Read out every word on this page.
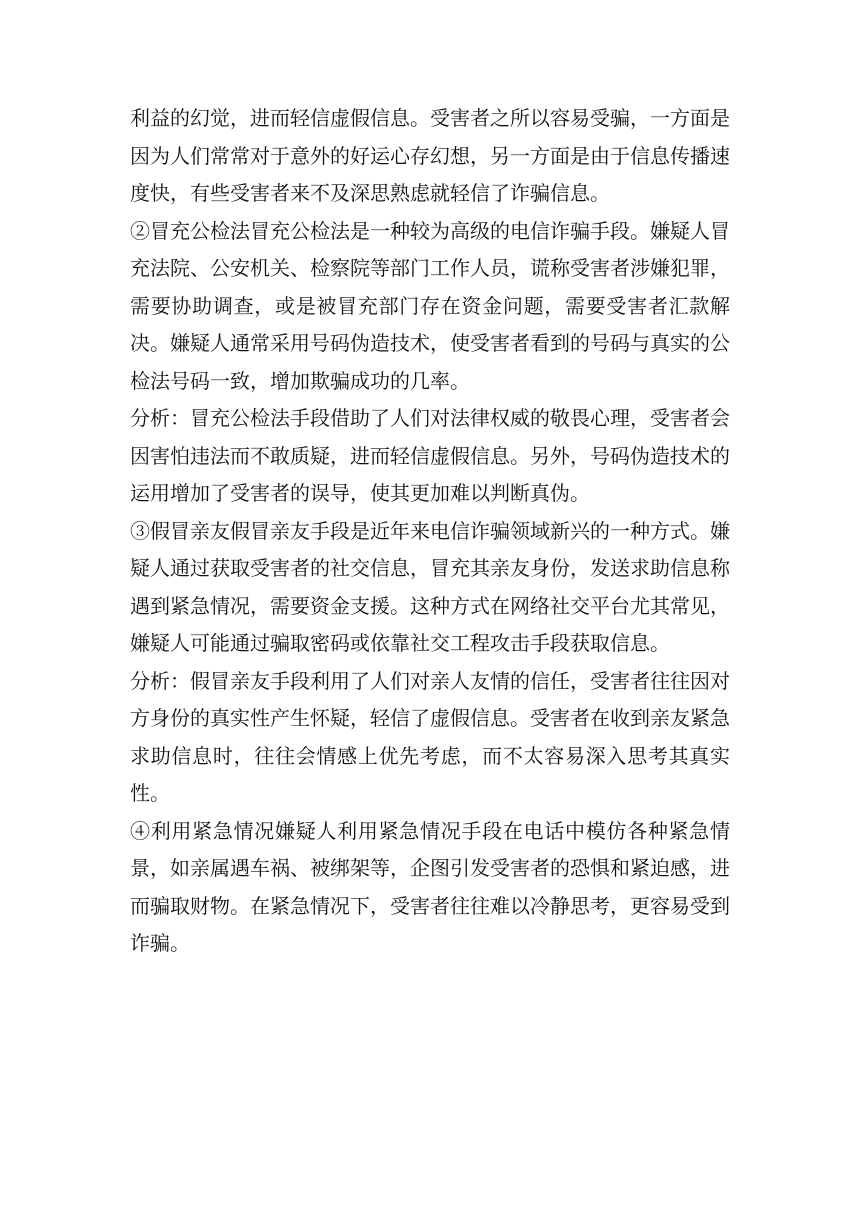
利益的幻觉，进而轻信虚假信息。受害者之所以容易受骗，一方面是因为人们常常对于意外的好运心存幻想，另一方面是由于信息传播速度快，有些受害者来不及深思熟虑就轻信了诈骗信息。

②冒充公检法冒充公检法是一种较为高级的电信诈骗手段。嫌疑人冒充法院、公安机关、检察院等部门工作人员，谎称受害者涉嫌犯罪，需要协助调查，或是被冒充部门存在资金问题，需要受害者汇款解决。嫌疑人通常采用号码伪造技术，使受害者看到的号码与真实的公检法号码一致，增加欺骗成功的几率。

分析：冒充公检法手段借助了人们对法律权威的敬畏心理，受害者会因害怕违法而不敢质疑，进而轻信虚假信息。另外，号码伪造技术的运用增加了受害者的误导，使其更加难以判断真伪。

③假冒亲友假冒亲友手段是近年来电信诈骗领域新兴的一种方式。嫌疑人通过获取受害者的社交信息，冒充其亲友身份，发送求助信息称遇到紧急情况，需要资金支援。这种方式在网络社交平台尤其常见，嫌疑人可能通过骗取密码或依靠社交工程攻击手段获取信息。

分析：假冒亲友手段利用了人们对亲人友情的信任，受害者往往因对方身份的真实性产生怀疑，轻信了虚假信息。受害者在收到亲友紧急求助信息时，往往会情感上优先考虑，而不太容易深入思考其真实性。

④利用紧急情况嫌疑人利用紧急情况手段在电话中模仿各种紧急情景，如亲属遇车祸、被绑架等，企图引发受害者的恐惧和紧迫感，进而骗取财物。在紧急情况下，受害者往往难以冷静思考，更容易受到诈骗。
